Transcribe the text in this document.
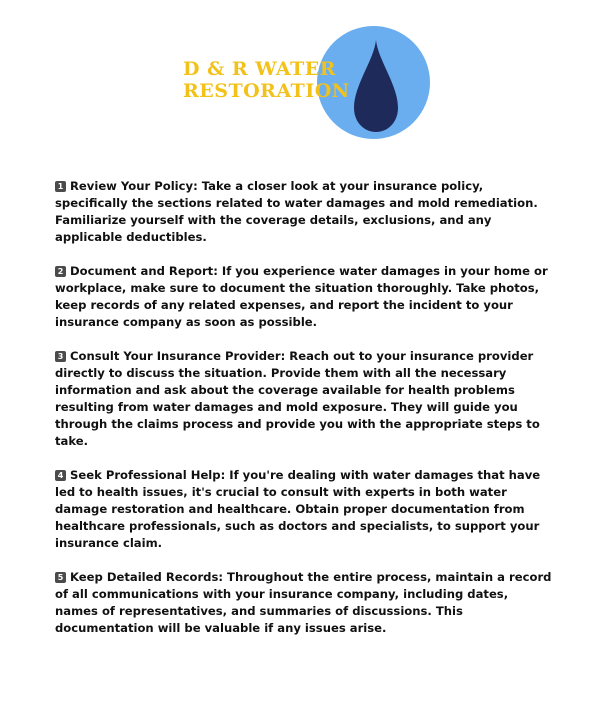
D & R WATER
RESTORATION

1 Review Your Policy: Take a closer look at your insurance policy, specifically the sections related to water damages and mold remediation. Familiarize yourself with the coverage details, exclusions, and any applicable deductibles.

2 Document and Report: If you experience water damages in your home or workplace, make sure to document the situation thoroughly. Take photos, keep records of any related expenses, and report the incident to your insurance company as soon as possible.

3 Consult Your Insurance Provider: Reach out to your insurance provider directly to discuss the situation. Provide them with all the necessary information and ask about the coverage available for health problems resulting from water damages and mold exposure. They will guide you through the claims process and provide you with the appropriate steps to take.

4 Seek Professional Help: If you're dealing with water damages that have led to health issues, it's crucial to consult with experts in both water damage restoration and healthcare. Obtain proper documentation from healthcare professionals, such as doctors and specialists, to support your insurance claim.

5 Keep Detailed Records: Throughout the entire process, maintain a record of all communications with your insurance company, including dates, names of representatives, and summaries of discussions. This documentation will be valuable if any issues arise.
